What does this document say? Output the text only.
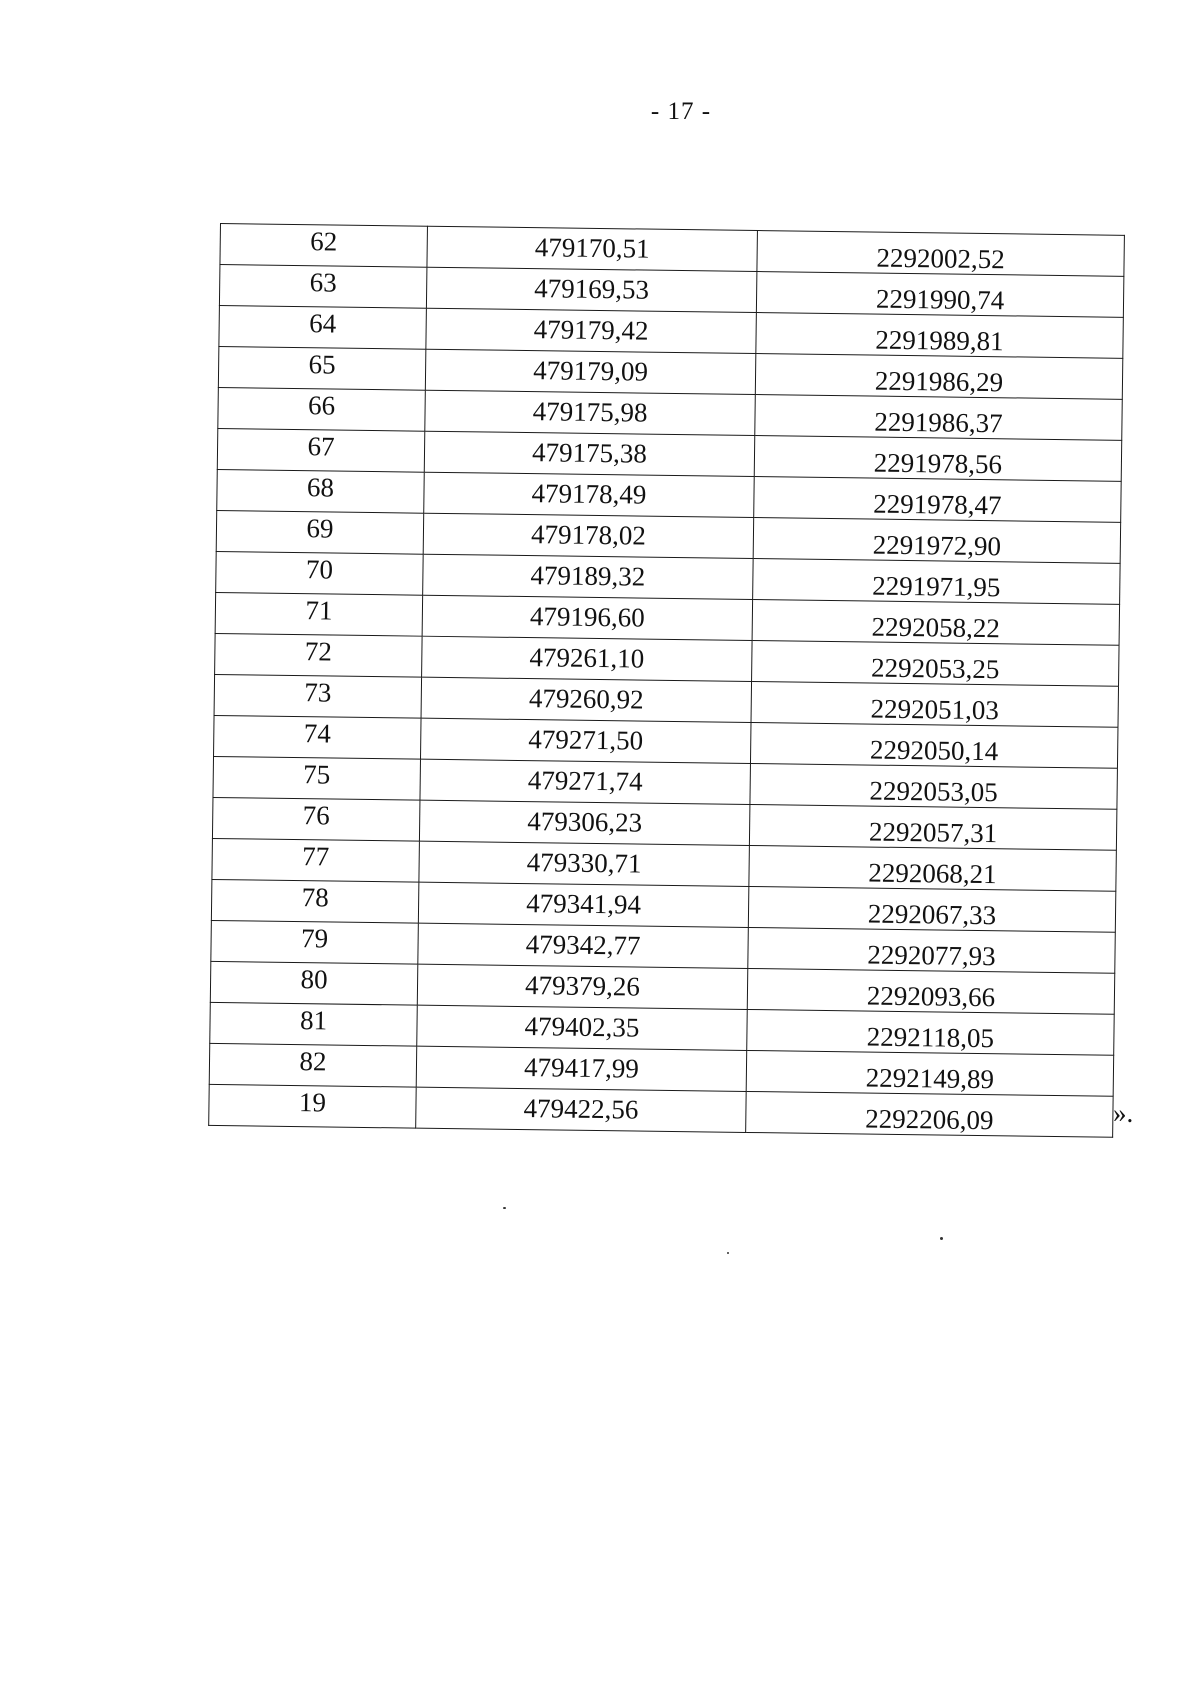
- 17 -
62	479170,51	2292002,52
63	479169,53	2291990,74
64	479179,42	2291989,81
65	479179,09	2291986,29
66	479175,98	2291986,37
67	479175,38	2291978,56
68	479178,49	2291978,47
69	479178,02	2291972,90
70	479189,32	2291971,95
71	479196,60	2292058,22
72	479261,10	2292053,25
73	479260,92	2292051,03
74	479271,50	2292050,14
75	479271,74	2292053,05
76	479306,23	2292057,31
77	479330,71	2292068,21
78	479341,94	2292067,33
79	479342,77	2292077,93
80	479379,26	2292093,66
81	479402,35	2292118,05
82	479417,99	2292149,89
19	479422,56	2292206,09	».
